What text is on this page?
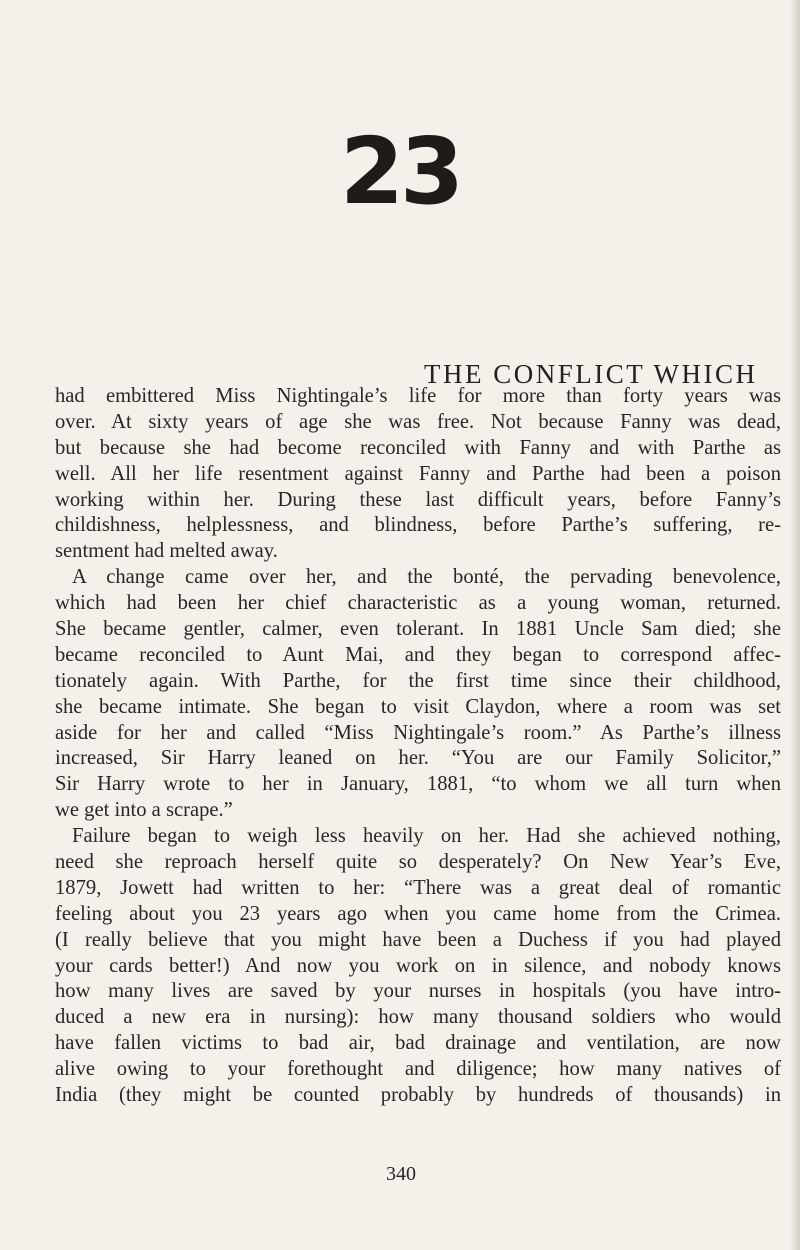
23
THE CONFLICT WHICH
had embittered Miss Nightingale’s life for more than forty years was
over. At sixty years of age she was free. Not because Fanny was dead,
but because she had become reconciled with Fanny and with Parthe as
well. All her life resentment against Fanny and Parthe had been a poison
working within her. During these last difficult years, before Fanny’s
childishness, helplessness, and blindness, before Parthe’s suffering, re-
sentment had melted away.
A change came over her, and the bonté, the pervading benevolence,
which had been her chief characteristic as a young woman, returned.
She became gentler, calmer, even tolerant. In 1881 Uncle Sam died; she
became reconciled to Aunt Mai, and they began to correspond affec-
tionately again. With Parthe, for the first time since their childhood,
she became intimate. She began to visit Claydon, where a room was set
aside for her and called “Miss Nightingale’s room.” As Parthe’s illness
increased, Sir Harry leaned on her. “You are our Family Solicitor,”
Sir Harry wrote to her in January, 1881, “to whom we all turn when
we get into a scrape.”
Failure began to weigh less heavily on her. Had she achieved nothing,
need she reproach herself quite so desperately? On New Year’s Eve,
1879, Jowett had written to her: “There was a great deal of romantic
feeling about you 23 years ago when you came home from the Crimea.
(I really believe that you might have been a Duchess if you had played
your cards better!) And now you work on in silence, and nobody knows
how many lives are saved by your nurses in hospitals (you have intro-
duced a new era in nursing): how many thousand soldiers who would
have fallen victims to bad air, bad drainage and ventilation, are now
alive owing to your forethought and diligence; how many natives of
India (they might be counted probably by hundreds of thousands) in
340
